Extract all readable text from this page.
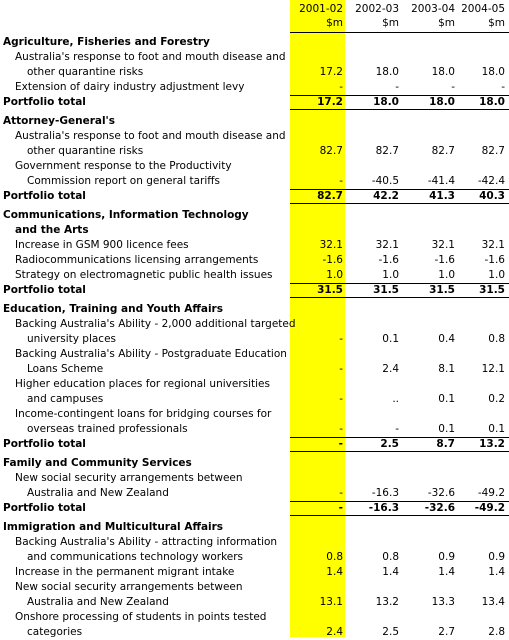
2001-02	2002-03	2003-04 2004-05
$m	$m	$m	$m
Agriculture, Fisheries and Forestry
Australia's response to foot and mouth disease and
other quarantine risks	17.2	18.0	18.0	18.0
Extension of dairy industry adjustment levy	-	-	-	-
Portfolio total	17.2	18.0	18.0	18.0
Attorney-General's
Australia's response to foot and mouth disease and
other quarantine risks	82.7	82.7	82.7	82.7
Government response to the Productivity
Commission report on general tariffs	-	-40.5	-41.4	-42.4
Portfolio total	82.7	42.2	41.3	40.3
Communications, Information Technology
and the Arts
Increase in GSM 900 licence fees	32.1	32.1	32.1	32.1
Radiocommunications licensing arrangements	-1.6	-1.6	-1.6	-1.6
Strategy on electromagnetic public health issues	1.0	1.0	1.0	1.0
Portfolio total	31.5	31.5	31.5	31.5
Education, Training and Youth Affairs
Backing Australia's Ability - 2,000 additional targeted
university places	-	0.1	0.4	0.8
Backing Australia's Ability - Postgraduate Education
Loans Scheme	-	2.4	8.1	12.1
Higher education places for regional universities
and campuses	-	..	0.1	0.2
Income-contingent loans for bridging courses for
overseas trained professionals	-	-	0.1	0.1
Portfolio total	-	2.5	8.7	13.2
Family and Community Services
New social security arrangements between
Australia and New Zealand	-	-16.3	-32.6	-49.2
Portfolio total	-	-16.3	-32.6	-49.2
Immigration and Multicultural Affairs
Backing Australia's Ability - attracting information
and communications technology workers	0.8	0.8	0.9	0.9
Increase in the permanent migrant intake	1.4	1.4	1.4	1.4
New social security arrangements between
Australia and New Zealand	13.1	13.2	13.3	13.4
Onshore processing of students in points tested
categories	2.4	2.5	2.7	2.8
